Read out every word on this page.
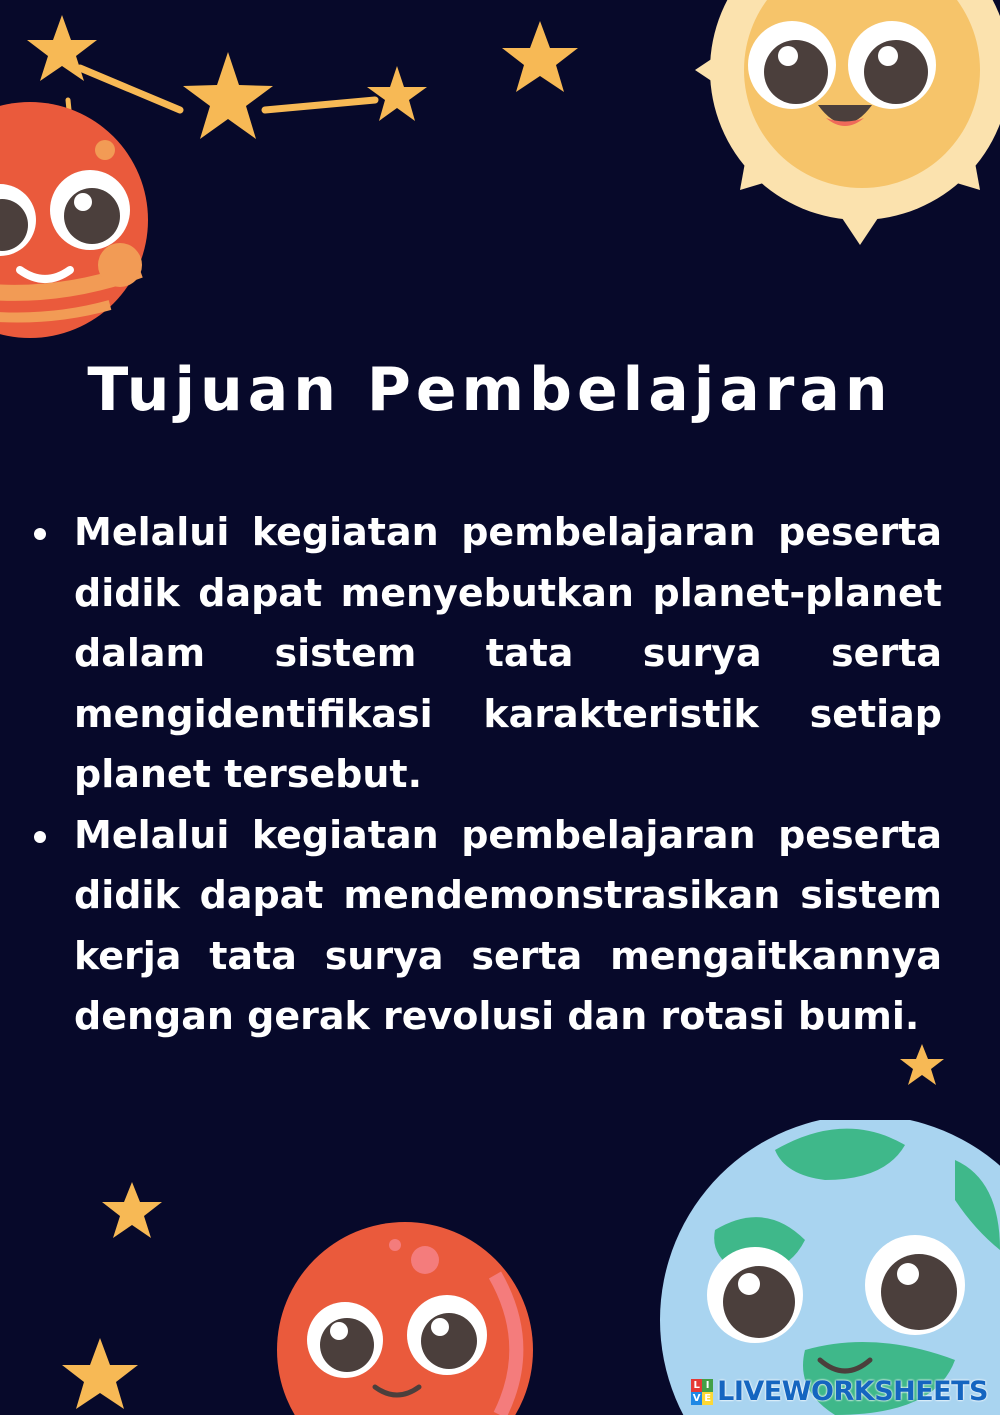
Tujuan Pembelajaran
Melalui kegiatan pembelajaran peserta didik dapat menyebutkan planet-planet dalam sistem tata surya serta mengidentifikasi karakteristik setiap planet tersebut.
Melalui kegiatan pembelajaran peserta didik dapat mendemonstrasikan sistem kerja tata surya serta mengaitkannya dengan gerak revolusi dan rotasi bumi.
L I
V E LIVEWORKSHEETS
